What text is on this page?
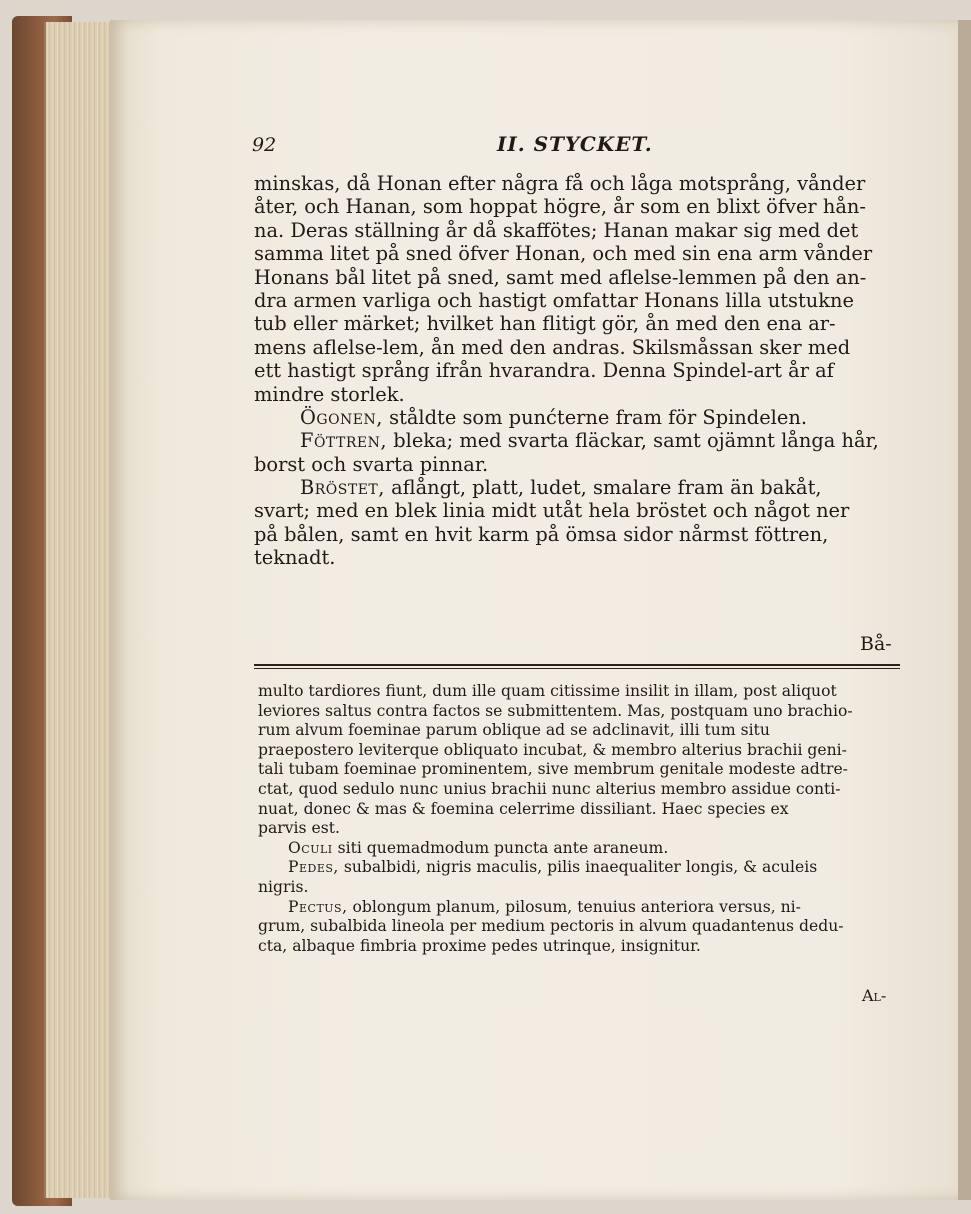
92	II. STYCKET.
minskas, då Honan efter några få och låga motsprång, vånder
åter, och Hanan, som hoppat högre, år som en blixt öfver hån-
na. Deras ställning år då skaffötes; Hanan makar sig med det
samma litet på sned öfver Honan, och med sin ena arm vånder
Honans bål litet på sned, samt med aflelse-lemmen på den an-
dra armen varliga och hastigt omfattar Honans lilla utstukne
tub eller märket; hvilket han flitigt gör, ån med den ena ar-
mens aflelse-lem, ån med den andras. Skilsmåssan sker med
ett hastigt språng ifrån hvarandra. Denna Spindel-art år af
mindre storlek.
Ögonen, ståldte som punćterne fram för Spindelen.
Föttren, bleka; med svarta fläckar, samt ojämnt långa hår,
borst och svarta pinnar.
Bröstet, aflångt, platt, ludet, smalare fram än bakåt,
svart; med en blek linia midt utåt hela bröstet och något ner
på bålen, samt en hvit karm på ömsa sidor nårmst föttren,
teknadt.
Bå-
multo tardiores fiunt, dum ille quam citissime insilit in illam, post aliquot
leviores saltus contra factos se submittentem. Mas, postquam uno brachio-
rum alvum foeminae parum oblique ad se adclinavit, illi tum situ
praepostero leviterque obliquato incubat, & membro alterius brachii geni-
tali tubam foeminae prominentem, sive membrum genitale modeste adtre-
ctat, quod sedulo nunc unius brachii nunc alterius membro assidue conti-
nuat, donec & mas & foemina celerrime dissiliant. Haec species ex
parvis est.
Oculi siti quemadmodum puncta ante araneum.
Pedes, subalbidi, nigris maculis, pilis inaequaliter longis, & aculeis
nigris.
Pectus, oblongum planum, pilosum, tenuius anteriora versus, ni-
grum, subalbida lineola per medium pectoris in alvum quadantenus dedu-
cta, albaque fimbria proxime pedes utrinque, insignitur.
Al-
